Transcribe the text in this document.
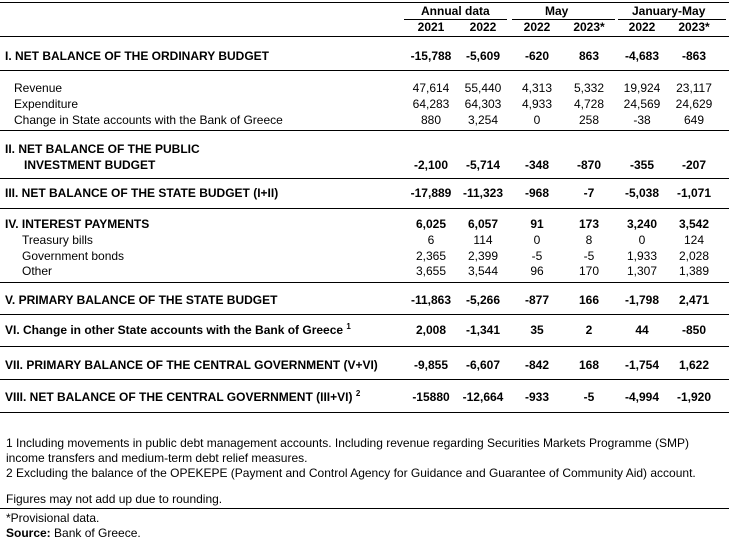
Annual data	May	January-May
2021	2022	2022	2023*	2022	2023*
I. NET BALANCE OF THE ORDINARY BUDGET	-15,788	-5,609	-620	863	-4,683	-863
Revenue	47,614	55,440	4,313	5,332	19,924	23,117
Expenditure	64,283	64,303	4,933	4,728	24,569	24,629
Change in State accounts with the Bank of Greece	880	3,254	0	258	-38	649
II. NET BALANCE OF THE PUBLIC
INVESTMENT BUDGET	-2,100	-5,714	-348	-870	-355	-207
III. NET BALANCE OF THE STATE BUDGET (I+II)	-17,889 -11,323	-968	-7	-5,038	-1,071
IV. INTEREST PAYMENTS	6,025	6,057	91	173	3,240	3,542
Treasury bills	6	114	0	8	0	124
Government bonds	2,365	2,399	-5	-5	1,933	2,028
Other	3,655	3,544	96	170	1,307	1,389
V. PRIMARY BALANCE OF THE STATE BUDGET	-11,863	-5,266	-877	166	-1,798	2,471
VI. Change in other State accounts with the Bank of Greece $^1$	2,008	-1,341	35	2	44	-850
VII. PRIMARY BALANCE OF THE CENTRAL GOVERNMENT (V+VI)	-9,855	-6,607	-842	168	-1,754	1,622
VIII. NET BALANCE OF THE CENTRAL GOVERNMENT (III+VI) $^2$	-15880	-12,664	-933	-5	-4,994	-1,920
1 Including movements in public debt management accounts. Including revenue regarding Securities Markets Programme (SMP)
income transfers and medium-term debt relief measures.
2 Excluding the balance of the OPEKEPE (Payment and Control Agency for Guidance and Guarantee of Community Aid) account.
Figures may not add up due to rounding.
*Provisional data.
Source: Bank of Greece.
